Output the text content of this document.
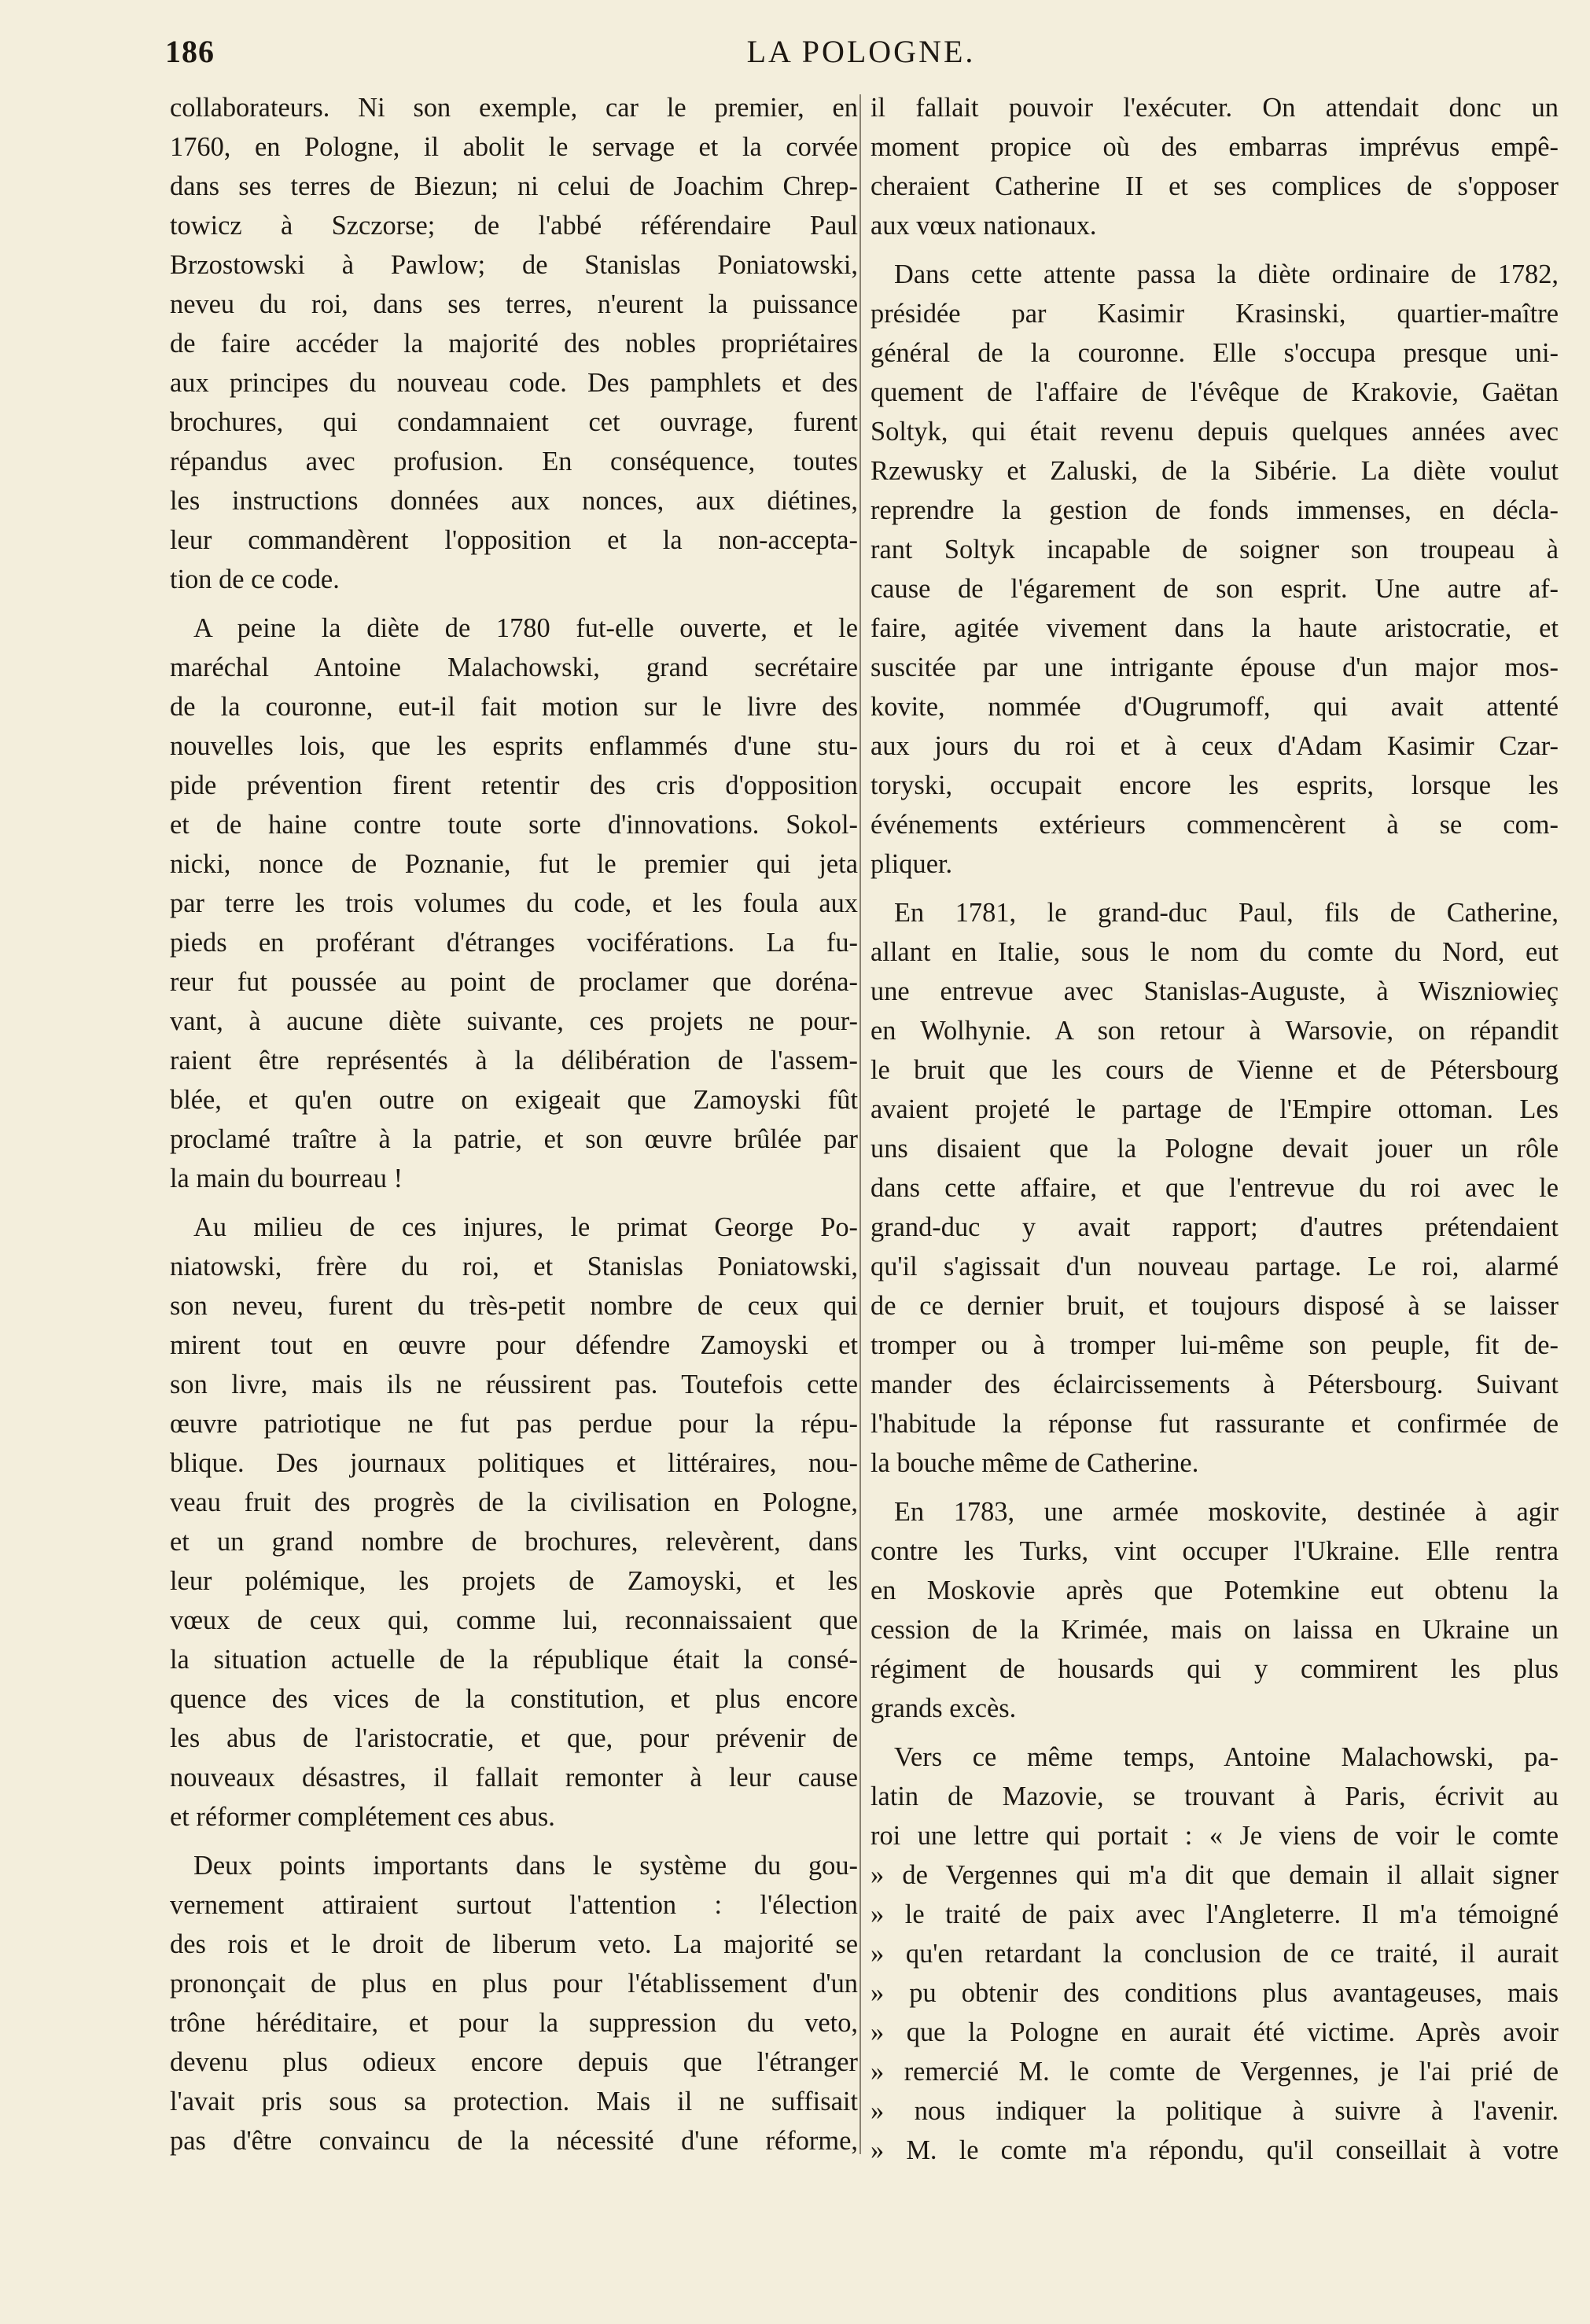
186	LA POLOGNE.

collaborateurs. Ni son exemple, car le premier, en

1760, en Pologne, il abolit le servage et la corvée

dans ses terres de Biezun; ni celui de Joachim Chrep-

towicz à Szczorse; de l'abbé référendaire Paul

Brzostowski à Pawlow; de Stanislas Poniatowski,

neveu du roi, dans ses terres, n'eurent la puissance

de faire accéder la majorité des nobles propriétaires

aux principes du nouveau code. Des pamphlets et des

brochures, qui condamnaient cet ouvrage, furent

répandus avec profusion. En conséquence, toutes

les instructions données aux nonces, aux diétines,

leur commandèrent l'opposition et la non-accepta-

tion de ce code.

A peine la diète de 1780 fut-elle ouverte, et le

maréchal Antoine Malachowski, grand secrétaire

de la couronne, eut-il fait motion sur le livre des

nouvelles lois, que les esprits enflammés d'une stu-

pide prévention firent retentir des cris d'opposition

et de haine contre toute sorte d'innovations. Sokol-

nicki, nonce de Poznanie, fut le premier qui jeta

par terre les trois volumes du code, et les foula aux

pieds en proférant d'étranges vociférations. La fu-

reur fut poussée au point de proclamer que doréna-

vant, à aucune diète suivante, ces projets ne pour-

raient être représentés à la délibération de l'assem-

blée, et qu'en outre on exigeait que Zamoyski fût

proclamé traître à la patrie, et son œuvre brûlée par

la main du bourreau !

Au milieu de ces injures, le primat George Po-

niatowski, frère du roi, et Stanislas Poniatowski,

son neveu, furent du très-petit nombre de ceux qui

mirent tout en œuvre pour défendre Zamoyski et

son livre, mais ils ne réussirent pas. Toutefois cette

œuvre patriotique ne fut pas perdue pour la répu-

blique. Des journaux politiques et littéraires, nou-

veau fruit des progrès de la civilisation en Pologne,

et un grand nombre de brochures, relevèrent, dans

leur polémique, les projets de Zamoyski, et les

vœux de ceux qui, comme lui, reconnaissaient que

la situation actuelle de la république était la consé-

quence des vices de la constitution, et plus encore

les abus de l'aristocratie, et que, pour prévenir de

nouveaux désastres, il fallait remonter à leur cause

et réformer complétement ces abus.

Deux points importants dans le système du gou-

vernement attiraient surtout l'attention : l'élection

des rois et le droit de liberum veto. La majorité se

prononçait de plus en plus pour l'établissement d'un

trône héréditaire, et pour la suppression du veto,

devenu plus odieux encore depuis que l'étranger

l'avait pris sous sa protection. Mais il ne suffisait

pas d'être convaincu de la nécessité d'une réforme,

il fallait pouvoir l'exécuter. On attendait donc un

moment propice où des embarras imprévus empê-

cheraient Catherine II et ses complices de s'opposer

aux vœux nationaux.

Dans cette attente passa la diète ordinaire de 1782,

présidée par Kasimir Krasinski, quartier-maître

général de la couronne. Elle s'occupa presque uni-

quement de l'affaire de l'évêque de Krakovie, Gaëtan

Soltyk, qui était revenu depuis quelques années avec

Rzewusky et Zaluski, de la Sibérie. La diète voulut

reprendre la gestion de fonds immenses, en décla-

rant Soltyk incapable de soigner son troupeau à

cause de l'égarement de son esprit. Une autre af-

faire, agitée vivement dans la haute aristocratie, et

suscitée par une intrigante épouse d'un major mos-

kovite, nommée d'Ougrumoff, qui avait attenté

aux jours du roi et à ceux d'Adam Kasimir Czar-

toryski, occupait encore les esprits, lorsque les

événements extérieurs commencèrent à se com-

pliquer.

En 1781, le grand-duc Paul, fils de Catherine,

allant en Italie, sous le nom du comte du Nord, eut

une entrevue avec Stanislas-Auguste, à Wiszniowieç

en Wolhynie. A son retour à Warsovie, on répandit

le bruit que les cours de Vienne et de Pétersbourg

avaient projeté le partage de l'Empire ottoman. Les

uns disaient que la Pologne devait jouer un rôle

dans cette affaire, et que l'entrevue du roi avec le

grand-duc y avait rapport; d'autres prétendaient

qu'il s'agissait d'un nouveau partage. Le roi, alarmé

de ce dernier bruit, et toujours disposé à se laisser

tromper ou à tromper lui-même son peuple, fit de-

mander des éclaircissements à Pétersbourg. Suivant

l'habitude la réponse fut rassurante et confirmée de

la bouche même de Catherine.

En 1783, une armée moskovite, destinée à agir

contre les Turks, vint occuper l'Ukraine. Elle rentra

en Moskovie après que Potemkine eut obtenu la

cession de la Krimée, mais on laissa en Ukraine un

régiment de housards qui y commirent les plus

grands excès.

Vers ce même temps, Antoine Malachowski, pa-

latin de Mazovie, se trouvant à Paris, écrivit au

roi une lettre qui portait : « Je viens de voir le comte

» de Vergennes qui m'a dit que demain il allait signer

» le traité de paix avec l'Angleterre. Il m'a témoigné

» qu'en retardant la conclusion de ce traité, il aurait

» pu obtenir des conditions plus avantageuses, mais

» que la Pologne en aurait été victime. Après avoir

» remercié M. le comte de Vergennes, je l'ai prié de

» nous indiquer la politique à suivre à l'avenir.

» M. le comte m'a répondu, qu'il conseillait à votre
